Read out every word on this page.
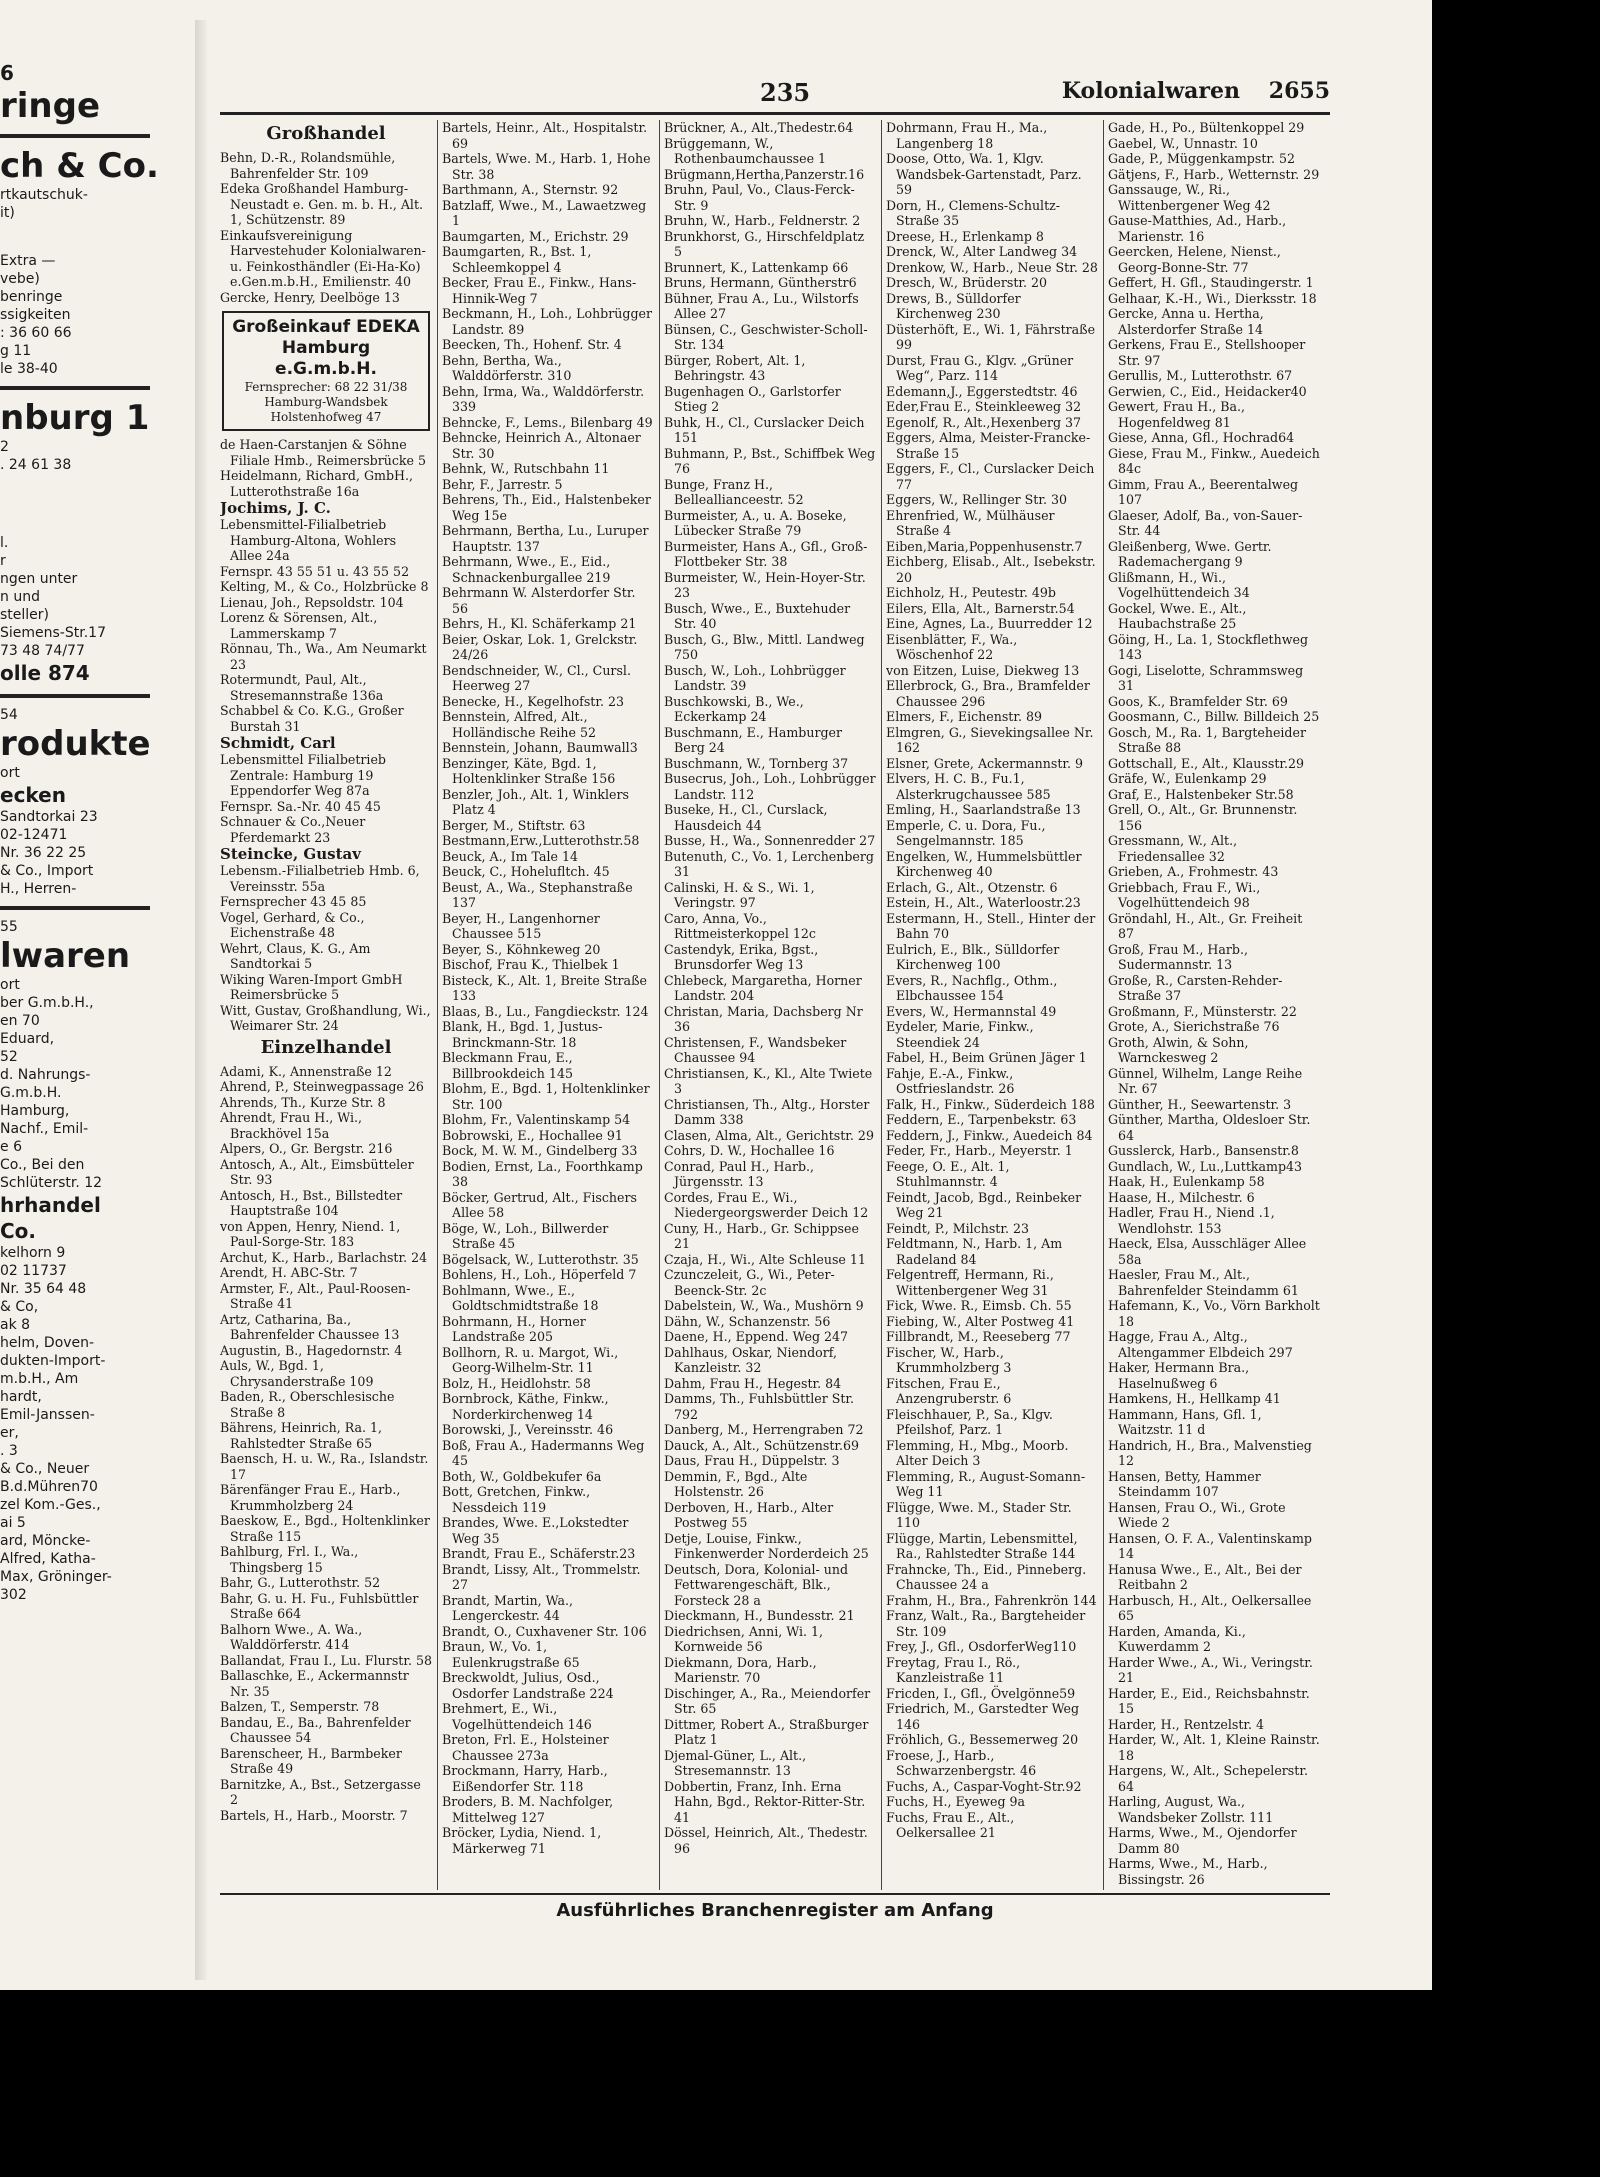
6
ringe
ch & Co.
rtkautschuk-
it)
Extra —
vebe)
benringe
ssigkeiten
: 36 60 66
g 11
le 38-40
nburg 1
2
. 24 61 38
l.
r
ngen unter
n und
steller)
Siemens-Str.17
73 48 74/77
olle 874
54
rodukte
ort
ecken
Sandtorkai 23
02-12471
Nr. 36 22 25
& Co., Import
H., Herren-
55
lwaren
ort
ber G.m.b.H.,
en 70
Eduard,
52
d. Nahrungs-
G.m.b.H.
Hamburg,
Nachf., Emil-
e 6
Co., Bei den
Schlüterstr. 12
hrhandel
Co.
kelhorn 9
02 11737
Nr. 35 64 48
& Co,
ak 8
helm, Doven-
dukten-Import-
m.b.H., Am
hardt,
Emil-Janssen-
er,
. 3
& Co., Neuer
B.d.Mühren70
zel Kom.-Ges.,
ai 5
ard, Möncke-
Alfred, Katha-
Max, Gröninger-
302
235	Kolonialwaren 2655
Großhandel
Behn, D.-R., Rolandsmühle, Bahrenfelder Str. 109
Edeka Großhandel Hamburg-Neustadt e. Gen. m. b. H., Alt. 1, Schützenstr. 89
Einkaufsvereinigung Harvestehuder Kolonialwaren- u. Feinkosthändler (Ei-Ha-Ko) e.Gen.m.b.H., Emilienstr. 40
Gercke, Henry, Deelböge 13
Großeinkauf EDEKA
Hamburg e.G.m.b.H.
Fernsprecher: 68 22 31/38
Hamburg-Wandsbek
Holstenhofweg 47
de Haen-Carstanjen & Söhne Filiale Hmb., Reimersbrücke 5
Heidelmann, Richard, GmbH., Lutterothstraße 16a
Jochims, J. C.
Lebensmittel-Filialbetrieb Hamburg-Altona, Wohlers Allee 24a
Fernspr. 43 55 51 u. 43 55 52
Kelting, M., & Co., Holzbrücke 8
Lienau, Joh., Repsoldstr. 104
Lorenz & Sörensen, Alt., Lammerskamp 7
Rönnau, Th., Wa., Am Neumarkt 23
Rotermundt, Paul, Alt., Stresemannstraße 136a
Schabbel & Co. K.G., Großer Burstah 31
Schmidt, Carl
Lebensmittel Filialbetrieb Zentrale: Hamburg 19 Eppendorfer Weg 87a
Fernspr. Sa.-Nr. 40 45 45
Schnauer & Co.,Neuer Pferdemarkt 23
Steincke, Gustav
Lebensm.-Filialbetrieb Hmb. 6, Vereinsstr. 55a
Fernsprecher 43 45 85
Vogel, Gerhard, & Co., Eichenstraße 48
Wehrt, Claus, K. G., Am Sandtorkai 5
Wiking Waren-Import GmbH Reimersbrücke 5
Witt, Gustav, Großhandlung, Wi., Weimarer Str. 24
Einzelhandel
Adami, K., Annenstraße 12
Ahrend, P., Steinwegpassage 26
Ahrends, Th., Kurze Str. 8
Ahrendt, Frau H., Wi., Brackhövel 15a
Alpers, O., Gr. Bergstr. 216
Antosch, A., Alt., Eimsbütteler Str. 93
Antosch, H., Bst., Billstedter Hauptstraße 104
von Appen, Henry, Niend. 1, Paul-Sorge-Str. 183
Archut, K., Harb., Barlachstr. 24
Arendt, H. ABC-Str. 7
Armster, F., Alt., Paul-Roosen-Straße 41
Artz, Catharina, Ba., Bahrenfelder Chaussee 13
Augustin, B., Hagedornstr. 4
Auls, W., Bgd. 1, Chrysanderstraße 109
Baden, R., Oberschlesische Straße 8
Bährens, Heinrich, Ra. 1, Rahlstedter Straße 65
Baensch, H. u. W., Ra., Islandstr. 17
Bärenfänger Frau E., Harb., Krummholzberg 24
Baeskow, E., Bgd., Holtenklinker Straße 115
Bahlburg, Frl. I., Wa., Thingsberg 15
Bahr, G., Lutterothstr. 52
Bahr, G. u. H. Fu., Fuhlsbüttler Straße 664
Balhorn Wwe., A. Wa., Walddörferstr. 414
Ballandat, Frau I., Lu. Flurstr. 58
Ballaschke, E., Ackermannstr Nr. 35
Balzen, T., Semperstr. 78
Bandau, E., Ba., Bahrenfelder Chaussee 54
Barenscheer, H., Barmbeker Straße 49
Barnitzke, A., Bst., Setzergasse 2
Bartels, H., Harb., Moorstr. 7
Bartels, Heinr., Alt., Hospitalstr. 69
Bartels, Wwe. M., Harb. 1, Hohe Str. 38
Barthmann, A., Sternstr. 92
Batzlaff, Wwe., M., Lawaetzweg 1
Baumgarten, M., Erichstr. 29
Baumgarten, R., Bst. 1, Schleemkoppel 4
Becker, Frau E., Finkw., Hans-Hinnik-Weg 7
Beckmann, H., Loh., Lohbrügger Landstr. 89
Beecken, Th., Hohenf. Str. 4
Behn, Bertha, Wa., Walddörferstr. 310
Behn, Irma, Wa., Walddörferstr. 339
Behncke, F., Lems., Bilenbarg 49
Behncke, Heinrich A., Altonaer Str. 30
Behnk, W., Rutschbahn 11
Behr, F., Jarrestr. 5
Behrens, Th., Eid., Halstenbeker Weg 15e
Behrmann, Bertha, Lu., Luruper Hauptstr. 137
Behrmann, Wwe., E., Eid., Schnackenburgallee 219
Behrmann W. Alsterdorfer Str. 56
Behrs, H., Kl. Schäferkamp 21
Beier, Oskar, Lok. 1, Grelckstr. 24/26
Bendschneider, W., Cl., Cursl. Heerweg 27
Benecke, H., Kegelhofstr. 23
Bennstein, Alfred, Alt., Holländische Reihe 52
Bennstein, Johann, Baumwall3
Benzinger, Käte, Bgd. 1, Holtenklinker Straße 156
Benzler, Joh., Alt. 1, Winklers Platz 4
Berger, M., Stiftstr. 63
Bestmann,Erw.,Lutterothstr.58
Beuck, A., Im Tale 14
Beuck, C., Hohelufltch. 45
Beust, A., Wa., Stephanstraße 137
Beyer, H., Langenhorner Chaussee 515
Beyer, S., Köhnkeweg 20
Bischof, Frau K., Thielbek 1
Bisteck, K., Alt. 1, Breite Straße 133
Blaas, B., Lu., Fangdieckstr. 124
Blank, H., Bgd. 1, Justus-Brinckmann-Str. 18
Bleckmann Frau, E., Billbrookdeich 145
Blohm, E., Bgd. 1, Holtenklinker Str. 100
Blohm, Fr., Valentinskamp 54
Bobrowski, E., Hochallee 91
Bock, M. W. M., Gindelberg 33
Bodien, Ernst, La., Foorthkamp 38
Böcker, Gertrud, Alt., Fischers Allee 58
Böge, W., Loh., Billwerder Straße 45
Bögelsack, W., Lutterothstr. 35
Bohlens, H., Loh., Höperfeld 7
Bohlmann, Wwe., E., Goldtschmidtstraße 18
Bohrmann, H., Horner Landstraße 205
Bollhorn, R. u. Margot, Wi., Georg-Wilhelm-Str. 11
Bolz, H., Heidlohstr. 58
Bornbrock, Käthe, Finkw., Norderkirchenweg 14
Borowski, J., Vereinsstr. 46
Boß, Frau A., Hadermanns Weg 45
Both, W., Goldbekufer 6a
Bott, Gretchen, Finkw., Nessdeich 119
Brandes, Wwe. E.,Lokstedter Weg 35
Brandt, Frau E., Schäferstr.23
Brandt, Lissy, Alt., Trommelstr. 27
Brandt, Martin, Wa., Lengerckestr. 44
Brandt, O., Cuxhavener Str. 106
Braun, W., Vo. 1, Eulenkrugstraße 65
Breckwoldt, Julius, Osd., Osdorfer Landstraße 224
Brehmert, E., Wi., Vogelhüttendeich 146
Breton, Frl. E., Holsteiner Chaussee 273a
Brockmann, Harry, Harb., Eißendorfer Str. 118
Broders, B. M. Nachfolger, Mittelweg 127
Bröcker, Lydia, Niend. 1, Märkerweg 71
Brückner, A., Alt.,Thedestr.64
Brüggemann, W., Rothenbaumchaussee 1
Brügmann,Hertha,Panzerstr.16
Bruhn, Paul, Vo., Claus-Ferck-Str. 9
Bruhn, W., Harb., Feldnerstr. 2
Brunkhorst, G., Hirschfeldplatz 5
Brunnert, K., Lattenkamp 66
Bruns, Hermann, Güntherstr6
Bühner, Frau A., Lu., Wilstorfs Allee 27
Bünsen, C., Geschwister-Scholl-Str. 134
Bürger, Robert, Alt. 1, Behringstr. 43
Bugenhagen O., Garlstorfer Stieg 2
Buhk, H., Cl., Curslacker Deich 151
Buhmann, P., Bst., Schiffbek Weg 76
Bunge, Franz H., Belleallianceestr. 52
Burmeister, A., u. A. Boseke, Lübecker Straße 79
Burmeister, Hans A., Gfl., Groß-Flottbeker Str. 38
Burmeister, W., Hein-Hoyer-Str. 23
Busch, Wwe., E., Buxtehuder Str. 40
Busch, G., Blw., Mittl. Landweg 750
Busch, W., Loh., Lohbrügger Landstr. 39
Buschkowski, B., We., Eckerkamp 24
Buschmann, E., Hamburger Berg 24
Buschmann, W., Tornberg 37
Busecrus, Joh., Loh., Lohbrügger Landstr. 112
Buseke, H., Cl., Curslack, Hausdeich 44
Busse, H., Wa., Sonnenredder 27
Butenuth, C., Vo. 1, Lerchenberg 31
Calinski, H. & S., Wi. 1, Veringstr. 97
Caro, Anna, Vo., Rittmeisterkoppel 12c
Castendyk, Erika, Bgst., Brunsdorfer Weg 13
Chlebeck, Margaretha, Horner Landstr. 204
Christan, Maria, Dachsberg Nr 36
Christensen, F., Wandsbeker Chaussee 94
Christiansen, K., Kl., Alte Twiete 3
Christiansen, Th., Altg., Horster Damm 338
Clasen, Alma, Alt., Gerichtstr. 29
Cohrs, D. W., Hochallee 16
Conrad, Paul H., Harb., Jürgensstr. 13
Cordes, Frau E., Wi., Niedergeorgswerder Deich 12
Cuny, H., Harb., Gr. Schippsee 21
Czaja, H., Wi., Alte Schleuse 11
Czunczeleit, G., Wi., Peter-Beenck-Str. 2c
Dabelstein, W., Wa., Mushörn 9
Dähn, W., Schanzenstr. 56
Daene, H., Eppend. Weg 247
Dahlhaus, Oskar, Niendorf, Kanzleistr. 32
Dahm, Frau H., Hegestr. 84
Damms, Th., Fuhlsbüttler Str. 792
Danberg, M., Herrengraben 72
Dauck, A., Alt., Schützenstr.69
Daus, Frau H., Düppelstr. 3
Demmin, F., Bgd., Alte Holstenstr. 26
Derboven, H., Harb., Alter Postweg 55
Detje, Louise, Finkw., Finkenwerder Norderdeich 25
Deutsch, Dora, Kolonial- und Fettwarengeschäft, Blk., Forsteck 28 a
Dieckmann, H., Bundesstr. 21
Diedrichsen, Anni, Wi. 1, Kornweide 56
Diekmann, Dora, Harb., Marienstr. 70
Dischinger, A., Ra., Meiendorfer Str. 65
Dittmer, Robert A., Straßburger Platz 1
Djemal-Güner, L., Alt., Stresemannstr. 13
Dobbertin, Franz, Inh. Erna Hahn, Bgd., Rektor-Ritter-Str. 41
Dössel, Heinrich, Alt., Thedestr. 96
Dohrmann, Frau H., Ma., Langenberg 18
Doose, Otto, Wa. 1, Klgv. Wandsbek-Gartenstadt, Parz. 59
Dorn, H., Clemens-Schultz-Straße 35
Dreese, H., Erlenkamp 8
Drenck, W., Alter Landweg 34
Drenkow, W., Harb., Neue Str. 28
Dresch, W., Brüderstr. 20
Drews, B., Sülldorfer Kirchenweg 230
Düsterhöft, E., Wi. 1, Fährstraße 99
Durst, Frau G., Klgv. „Grüner Weg“, Parz. 114
Edemann,J., Eggerstedtstr. 46
Eder,Frau E., Steinkleeweg 32
Egenolf, R., Alt.,Hexenberg 37
Eggers, Alma, Meister-Francke-Straße 15
Eggers, F., Cl., Curslacker Deich 77
Eggers, W., Rellinger Str. 30
Ehrenfried, W., Mülhäuser Straße 4
Eiben,Maria,Poppenhusenstr.7
Eichberg, Elisab., Alt., Isebekstr. 20
Eichholz, H., Peutestr. 49b
Eilers, Ella, Alt., Barnerstr.54
Eine, Agnes, La., Buurredder 12
Eisenblätter, F., Wa., Wöschenhof 22
von Eitzen, Luise, Diekweg 13
Ellerbrock, G., Bra., Bramfelder Chaussee 296
Elmers, F., Eichenstr. 89
Elmgren, G., Sievekingsallee Nr. 162
Elsner, Grete, Ackermannstr. 9
Elvers, H. C. B., Fu.1, Alsterkrugchaussee 585
Emling, H., Saarlandstraße 13
Emperle, C. u. Dora, Fu., Sengelmannstr. 185
Engelken, W., Hummelsbüttler Kirchenweg 40
Erlach, G., Alt., Otzenstr. 6
Estein, H., Alt., Waterloostr.23
Estermann, H., Stell., Hinter der Bahn 70
Eulrich, E., Blk., Sülldorfer Kirchenweg 100
Evers, R., Nachflg., Othm., Elbchaussee 154
Evers, W., Hermannstal 49
Eydeler, Marie, Finkw., Steendiek 24
Fabel, H., Beim Grünen Jäger 1
Fahje, E.-A., Finkw., Ostfrieslandstr. 26
Falk, H., Finkw., Süderdeich 188
Feddern, E., Tarpenbekstr. 63
Feddern, J., Finkw., Auedeich 84
Feder, Fr., Harb., Meyerstr. 1
Feege, O. E., Alt. 1, Stuhlmannstr. 4
Feindt, Jacob, Bgd., Reinbeker Weg 21
Feindt, P., Milchstr. 23
Feldtmann, N., Harb. 1, Am Radeland 84
Felgentreff, Hermann, Ri., Wittenbergener Weg 31
Fick, Wwe. R., Eimsb. Ch. 55
Fiebing, W., Alter Postweg 41
Fillbrandt, M., Reeseberg 77
Fischer, W., Harb., Krummholzberg 3
Fitschen, Frau E., Anzengruberstr. 6
Fleischhauer, P., Sa., Klgv. Pfeilshof, Parz. 1
Flemming, H., Mbg., Moorb. Alter Deich 3
Flemming, R., August-Somann-Weg 11
Flügge, Wwe. M., Stader Str. 110
Flügge, Martin, Lebensmittel, Ra., Rahlstedter Straße 144
Frahncke, Th., Eid., Pinneberg. Chaussee 24 a
Frahm, H., Bra., Fahrenkrön 144
Franz, Walt., Ra., Bargteheider Str. 109
Frey, J., Gfl., OsdorferWeg110
Freytag, Frau I., Rö., Kanzleistraße 11
Fricden, I., Gfl., Övelgönne59
Friedrich, M., Garstedter Weg 146
Fröhlich, G., Bessemerweg 20
Froese, J., Harb., Schwarzenbergstr. 46
Fuchs, A., Caspar-Voght-Str.92
Fuchs, H., Eyeweg 9a
Fuchs, Frau E., Alt., Oelkersallee 21
Gade, H., Po., Bültenkoppel 29
Gaebel, W., Unnastr. 10
Gade, P., Müggenkampstr. 52
Gätjens, F., Harb., Wetternstr. 29
Ganssauge, W., Ri., Wittenbergener Weg 42
Gause-Matthies, Ad., Harb., Marienstr. 16
Geercken, Helene, Nienst., Georg-Bonne-Str. 77
Geffert, H. Gfl., Staudingerstr. 1
Gelhaar, K.-H., Wi., Dierksstr. 18
Gercke, Anna u. Hertha, Alsterdorfer Straße 14
Gerkens, Frau E., Stellshooper Str. 97
Gerullis, M., Lutterothstr. 67
Gerwien, C., Eid., Heidacker40
Gewert, Frau H., Ba., Hogenfeldweg 81
Giese, Anna, Gfl., Hochrad64
Giese, Frau M., Finkw., Auedeich 84c
Gimm, Frau A., Beerentalweg 107
Glaeser, Adolf, Ba., von-Sauer-Str. 44
Gleißenberg, Wwe. Gertr. Rademachergang 9
Glißmann, H., Wi., Vogelhüttendeich 34
Gockel, Wwe. E., Alt., Haubachstraße 25
Göing, H., La. 1, Stockflethweg 143
Gogi, Liselotte, Schrammsweg 31
Goos, K., Bramfelder Str. 69
Goosmann, C., Billw. Billdeich 25
Gosch, M., Ra. 1, Bargteheider Straße 88
Gottschall, E., Alt., Klausstr.29
Gräfe, W., Eulenkamp 29
Graf, E., Halstenbeker Str.58
Grell, O., Alt., Gr. Brunnenstr. 156
Gressmann, W., Alt., Friedensallee 32
Grieben, A., Frohmestr. 43
Griebbach, Frau F., Wi., Vogelhüttendeich 98
Gröndahl, H., Alt., Gr. Freiheit 87
Groß, Frau M., Harb., Sudermannstr. 13
Große, R., Carsten-Rehder-Straße 37
Großmann, F., Münsterstr. 22
Grote, A., Sierichstraße 76
Groth, Alwin, & Sohn, Warnckesweg 2
Günnel, Wilhelm, Lange Reihe Nr. 67
Günther, H., Seewartenstr. 3
Günther, Martha, Oldesloer Str. 64
Gusslerck, Harb., Bansenstr.8
Gundlach, W., Lu.,Luttkamp43
Haak, H., Eulenkamp 58
Haase, H., Milchestr. 6
Hadler, Frau H., Niend .1, Wendlohstr. 153
Haeck, Elsa, Ausschläger Allee 58a
Haesler, Frau M., Alt., Bahrenfelder Steindamm 61
Hafemann, K., Vo., Vörn Barkholt 18
Hagge, Frau A., Altg., Altengammer Elbdeich 297
Haker, Hermann Bra., Haselnußweg 6
Hamkens, H., Hellkamp 41
Hammann, Hans, Gfl. 1, Waitzstr. 11 d
Handrich, H., Bra., Malvenstieg 12
Hansen, Betty, Hammer Steindamm 107
Hansen, Frau O., Wi., Grote Wiede 2
Hansen, O. F. A., Valentinskamp 14
Hanusa Wwe., E., Alt., Bei der Reitbahn 2
Harbusch, H., Alt., Oelkersallee 65
Harden, Amanda, Ki., Kuwerdamm 2
Harder Wwe., A., Wi., Veringstr. 21
Harder, E., Eid., Reichsbahnstr. 15
Harder, H., Rentzelstr. 4
Harder, W., Alt. 1, Kleine Rainstr. 18
Hargens, W., Alt., Schepelerstr. 64
Harling, August, Wa., Wandsbeker Zollstr. 111
Harms, Wwe., M., Ojendorfer Damm 80
Harms, Wwe., M., Harb., Bissingstr. 26
Ausführliches Branchenregister am Anfang
